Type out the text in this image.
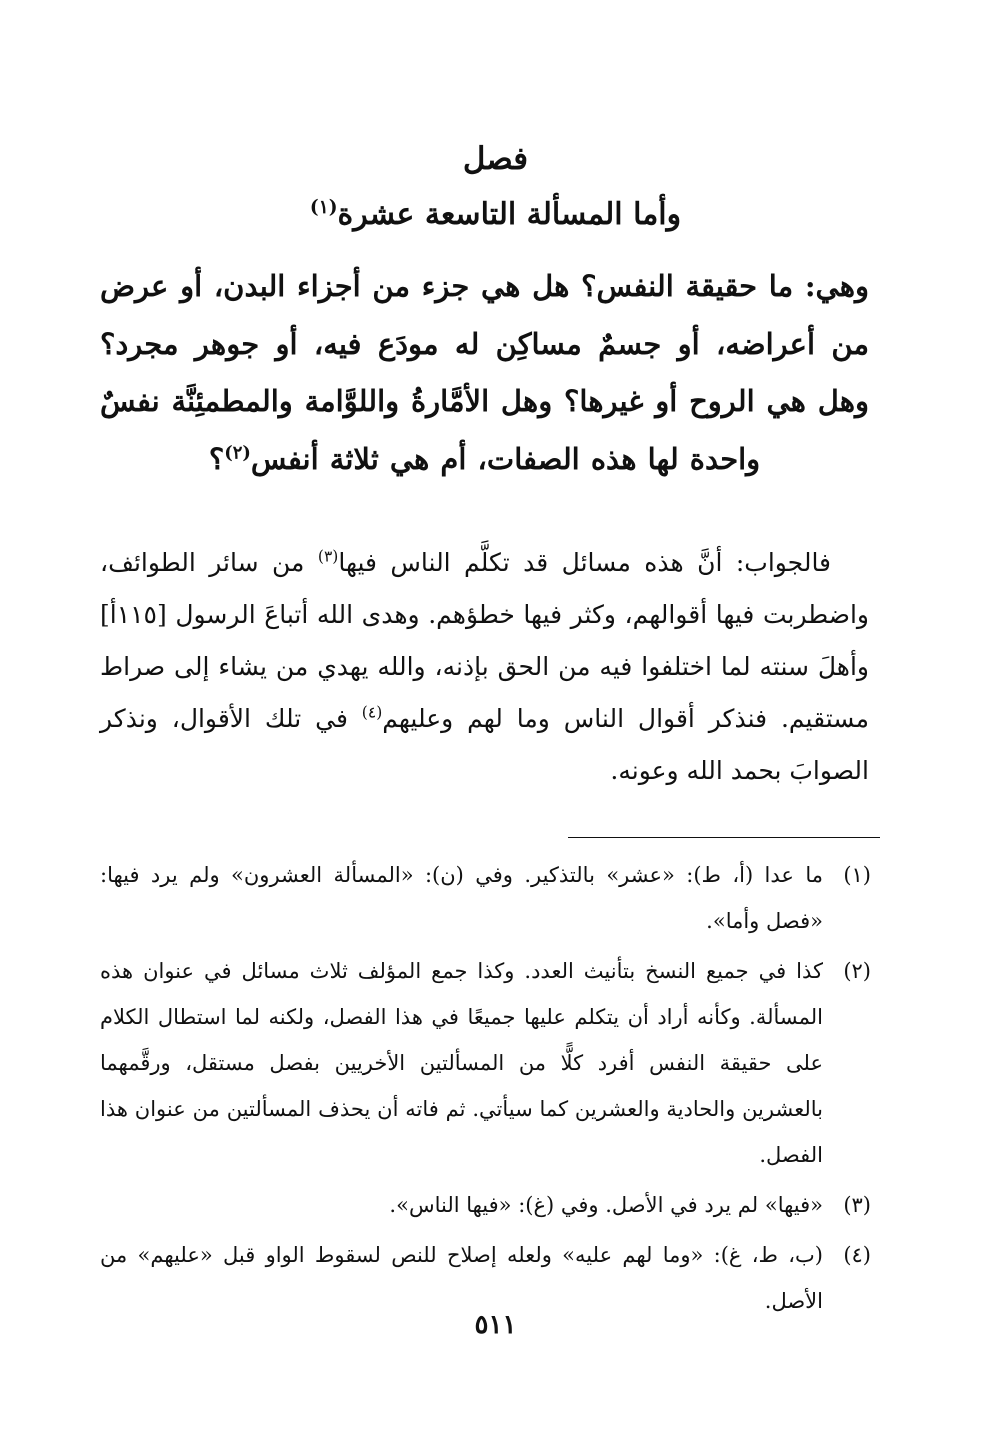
فصل
وأما المسألة التاسعة عشرة$^{(١)}$
وهي: ما حقيقة النفس؟ هل هي جزء من أجزاء البدن، أو عرض من أعراضه، أو جسمٌ مساكِن له مودَع فيه، أو جوهر مجرد؟ وهل هي الروح أو غيرها؟ وهل الأمَّارةُ واللوَّامة والمطمئِنَّة نفسٌ واحدة لها هذه الصفات، أم هي ثلاثة أنفس$^{(٢)}$؟
فالجواب: أنَّ هذه مسائل قد تكلَّم الناس فيها$^{(٣)}$ من سائر الطوائف، واضطربت فيها أقوالهم، وكثر فيها خطؤهم. وهدى الله أتباعَ الرسول [١١٥أ] وأهلَ سنته لما اختلفوا فيه من الحق بإذنه، والله يهدي من يشاء إلى صراط مستقيم. فنذكر أقوال الناس وما لهم وعليهم$^{(٤)}$ في تلك الأقوال، ونذكر الصوابَ بحمد الله وعونه.
(١)
ما عدا (أ، ط): «عشر» بالتذكير. وفي (ن): «المسألة العشرون» ولم يرد فيها: «فصل وأما».
(٢)
كذا في جميع النسخ بتأنيث العدد. وكذا جمع المؤلف ثلاث مسائل في عنوان هذه المسألة. وكأنه أراد أن يتكلم عليها جميعًا في هذا الفصل، ولكنه لما استطال الكلام على حقيقة النفس أفرد كلًّا من المسألتين الأخريين بفصل مستقل، ورقَّمهما بالعشرين والحادية والعشرين كما سيأتي. ثم فاته أن يحذف المسألتين من عنوان هذا الفصل.
(٣)
«فيها» لم يرد في الأصل. وفي (غ): «فيها الناس».
(٤)
(ب، ط، غ): «وما لهم عليه» ولعله إصلاح للنص لسقوط الواو قبل «عليهم» من الأصل.
٥١١
